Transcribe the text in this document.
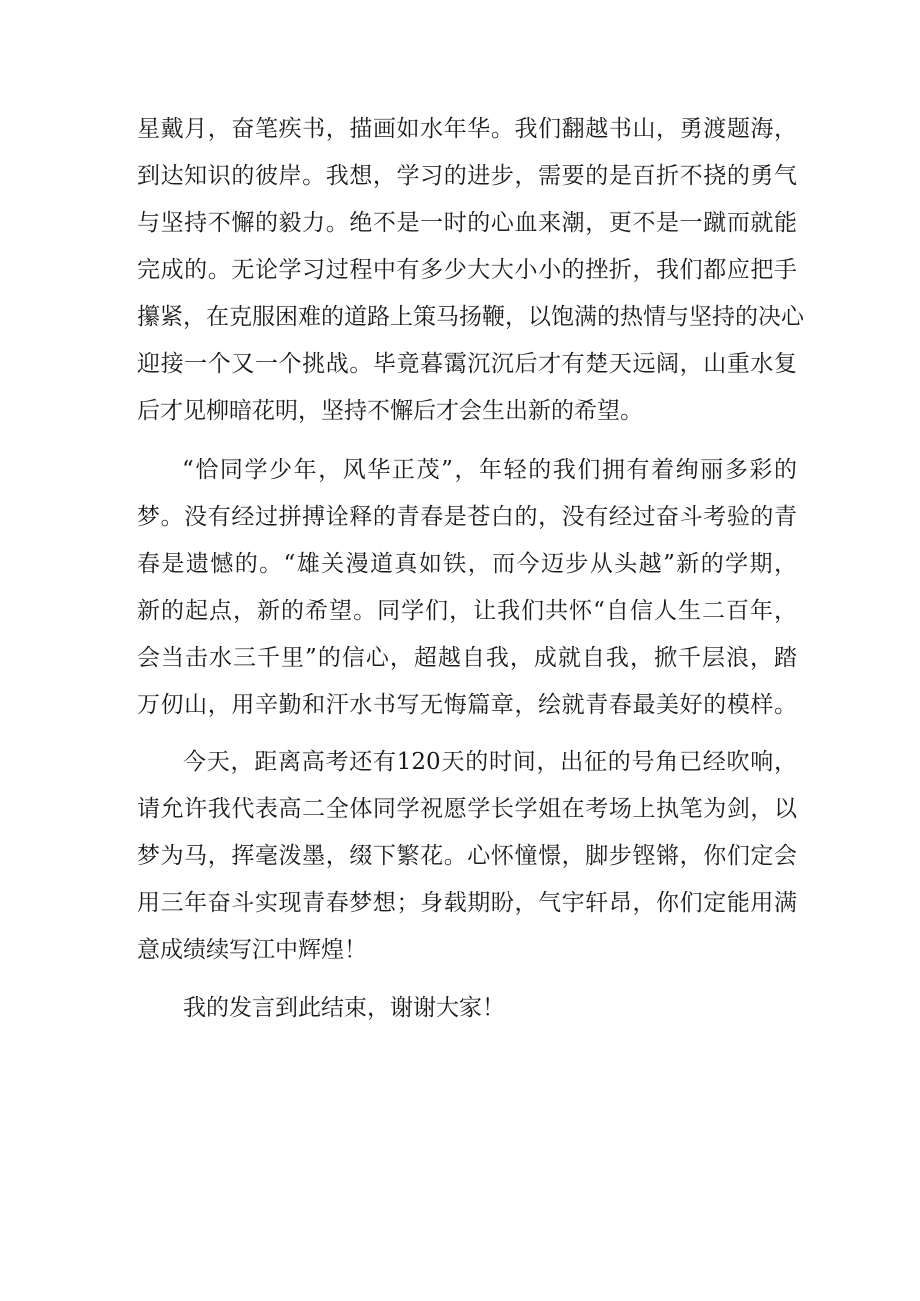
星戴月，奋笔疾书，描画如水年华。我们翻越书山，勇渡题海，
到达知识的彼岸。我想，学习的进步，需要的是百折不挠的勇气
与坚持不懈的毅力。绝不是一时的心血来潮，更不是一蹴而就能
完成的。无论学习过程中有多少大大小小的挫折，我们都应把手
攥紧，在克服困难的道路上策马扬鞭，以饱满的热情与坚持的决心
迎接一个又一个挑战。毕竟暮霭沉沉后才有楚天远阔，山重水复
后才见柳暗花明，坚持不懈后才会生出新的希望。
“恰同学少年，风华正茂”，年轻的我们拥有着绚丽多彩的
梦。没有经过拼搏诠释的青春是苍白的，没有经过奋斗考验的青
春是遗憾的。“雄关漫道真如铁，而今迈步从头越”新的学期，
新的起点，新的希望。同学们，让我们共怀“自信人生二百年，
会当击水三千里”的信心，超越自我，成就自我，掀千层浪，踏
万仞山，用辛勤和汗水书写无悔篇章，绘就青春最美好的模样。
今天，距离高考还有120天的时间，出征的号角已经吹响，
请允许我代表高二全体同学祝愿学长学姐在考场上执笔为剑，以
梦为马，挥毫泼墨，缀下繁花。心怀憧憬，脚步铿锵，你们定会
用三年奋斗实现青春梦想；身载期盼，气宇轩昂，你们定能用满
意成绩续写江中辉煌！
我的发言到此结束，谢谢大家！
